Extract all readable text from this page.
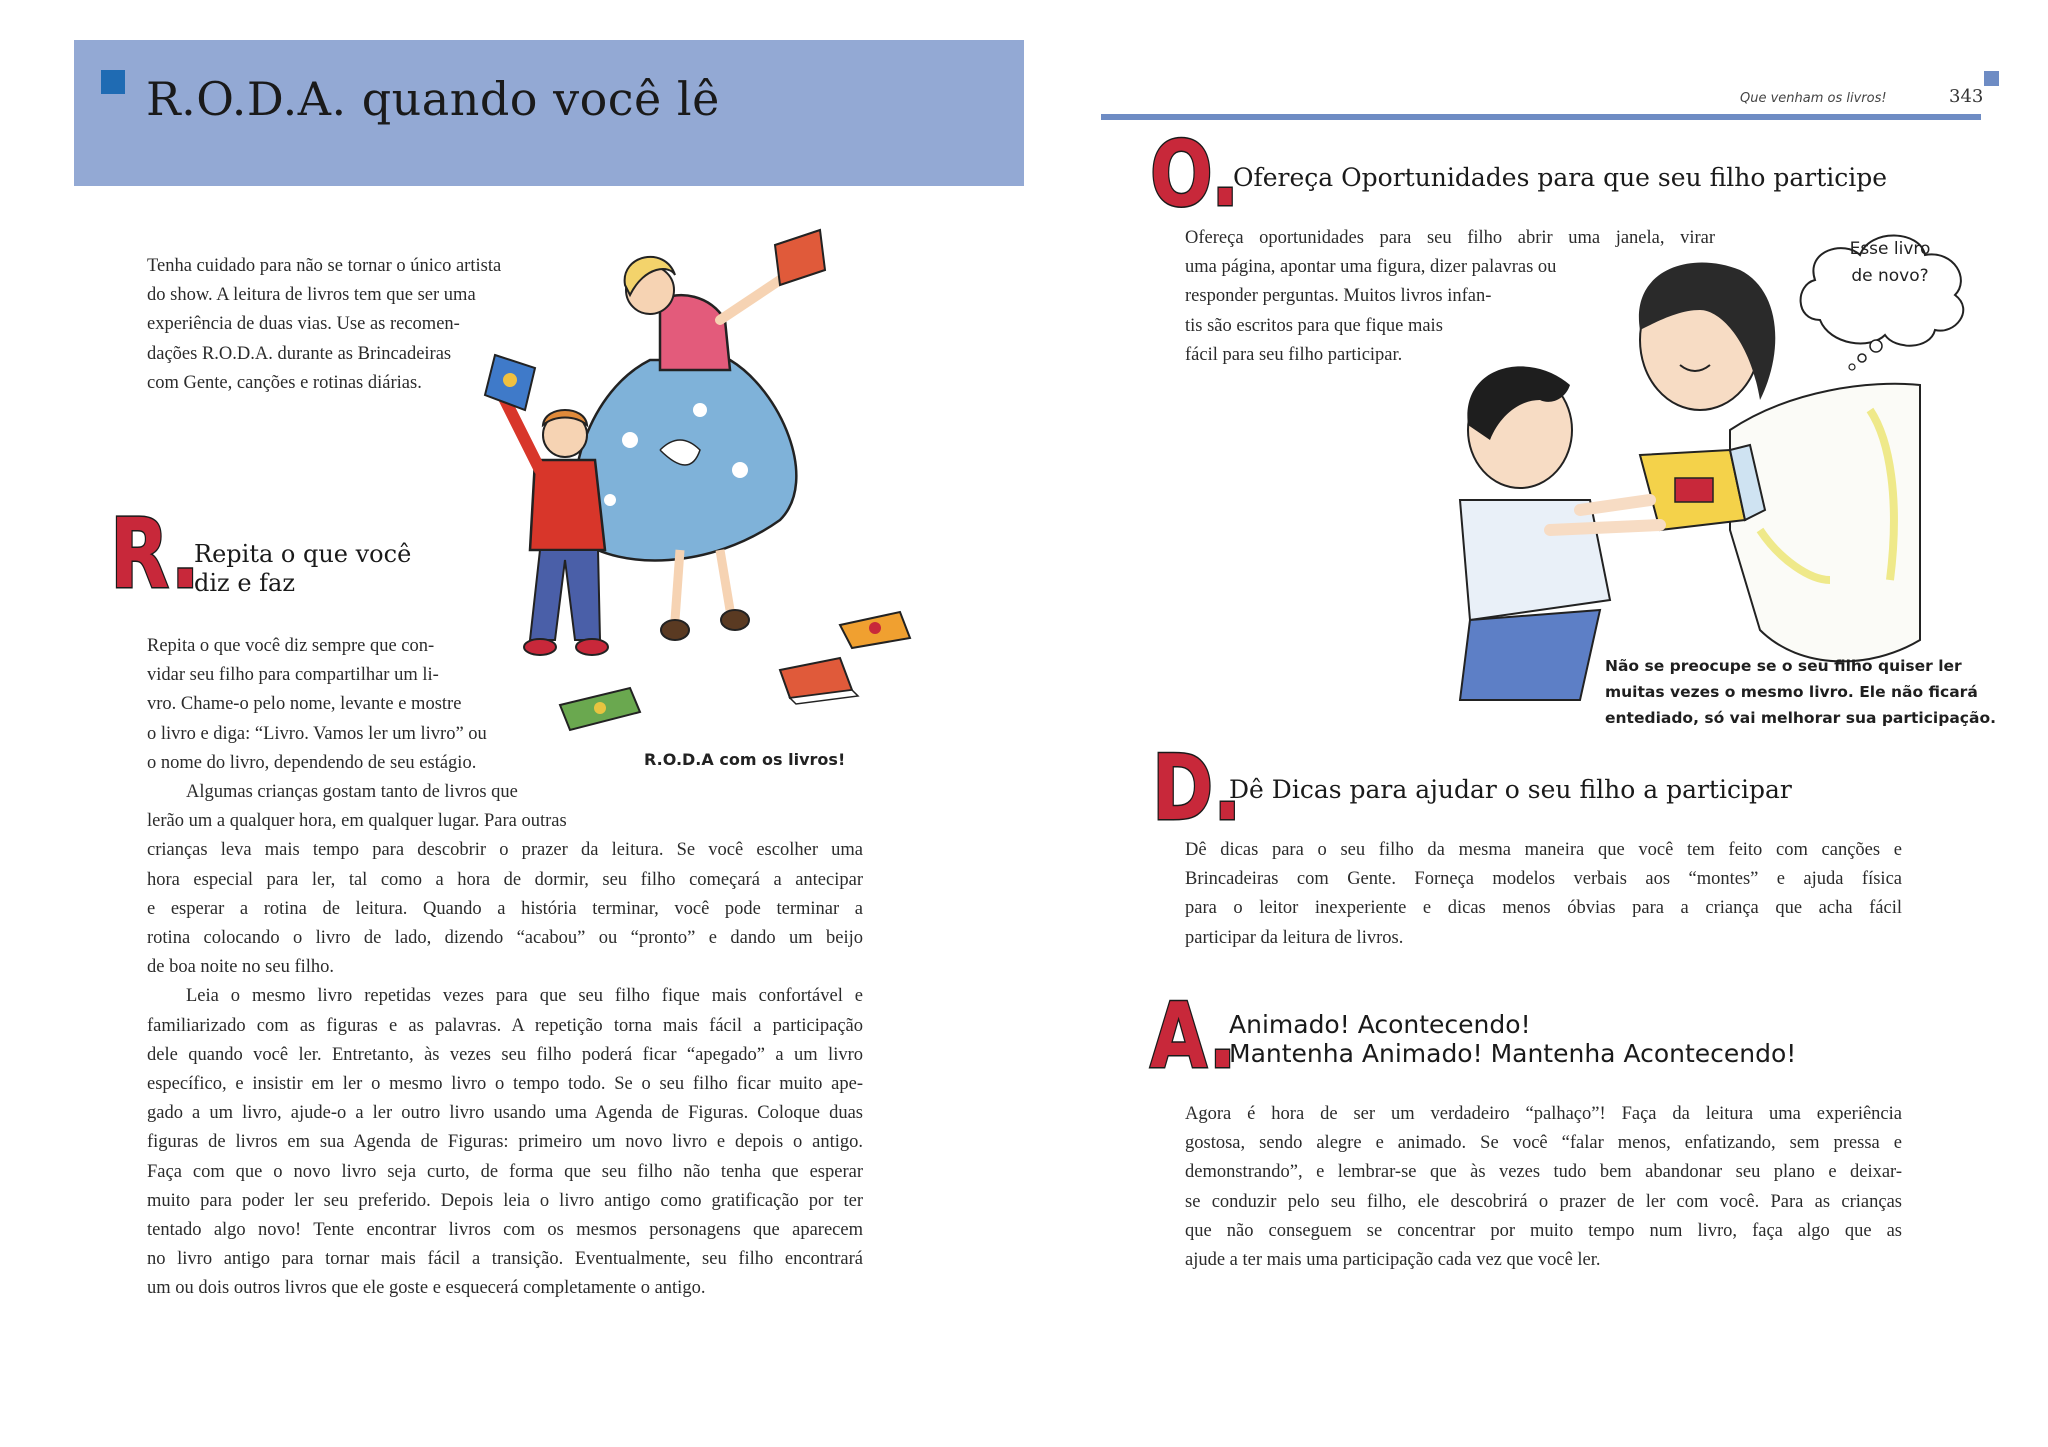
R.O.D.A. quando você lê
Tenha cuidado para não se tornar o único artista
do show. A leitura de livros tem que ser uma
experiência de duas vias. Use as recomen-
dações R.O.D.A. durante as Brincadeiras
com Gente, canções e rotinas diárias.
R.
Repita o que você
diz e faz
Repita o que você diz sempre que con-
vidar seu filho para compartilhar um li-
vro. Chame-o pelo nome, levante e mostre
o livro e diga: “Livro. Vamos ler um livro” ou
o nome do livro, dependendo de seu estágio.
Algumas crianças gostam tanto de livros que
lerão um a qualquer hora, em qualquer lugar. Para outras
crianças leva mais tempo para descobrir o prazer da leitura. Se você escolher uma
hora especial para ler, tal como a hora de dormir, seu filho começará a antecipar
e esperar a rotina de leitura. Quando a história terminar, você pode terminar a
rotina colocando o livro de lado, dizendo “acabou” ou “pronto” e dando um beijo
de boa noite no seu filho.
Leia o mesmo livro repetidas vezes para que seu filho fique mais confortável e
familiarizado com as figuras e as palavras. A repetição torna mais fácil a participação
dele quando você ler. Entretanto, às vezes seu filho poderá ficar “apegado” a um livro
específico, e insistir em ler o mesmo livro o tempo todo. Se o seu filho ficar muito ape-
gado a um livro, ajude-o a ler outro livro usando uma Agenda de Figuras. Coloque duas
figuras de livros em sua Agenda de Figuras: primeiro um novo livro e depois o antigo.
Faça com que o novo livro seja curto, de forma que seu filho não tenha que esperar
muito para poder ler seu preferido. Depois leia o livro antigo como gratificação por ter
tentado algo novo! Tente encontrar livros com os mesmos personagens que aparecem
no livro antigo para tornar mais fácil a transição. Eventualmente, seu filho encontrará
um ou dois outros livros que ele goste e esquecerá completamente o antigo.
R.O.D.A com os livros!
Que venham os livros!	343
O.
Ofereça Oportunidades para que seu filho participe
Ofereça oportunidades para seu filho abrir uma janela, virar
uma página, apontar uma figura, dizer palavras ou
responder perguntas. Muitos livros infan-
tis são escritos para que fique mais
fácil para seu filho participar.
Esse livro
de novo?
Não se preocupe se o seu filho quiser ler
muitas vezes o mesmo livro. Ele não ficará
entediado, só vai melhorar sua participação.
D.
Dê Dicas para ajudar o seu filho a participar
Dê dicas para o seu filho da mesma maneira que você tem feito com canções e
Brincadeiras com Gente. Forneça modelos verbais aos “montes” e ajuda física
para o leitor inexperiente e dicas menos óbvias para a criança que acha fácil
participar da leitura de livros.
A.
Animado! Acontecendo!
Mantenha Animado! Mantenha Acontecendo!
Agora é hora de ser um verdadeiro “palhaço”! Faça da leitura uma experiência
gostosa, sendo alegre e animado. Se você “falar menos, enfatizando, sem pressa e
demonstrando”, e lembrar-se que às vezes tudo bem abandonar seu plano e deixar-
se conduzir pelo seu filho, ele descobrirá o prazer de ler com você. Para as crianças
que não conseguem se concentrar por muito tempo num livro, faça algo que as
ajude a ter mais uma participação cada vez que você ler.
